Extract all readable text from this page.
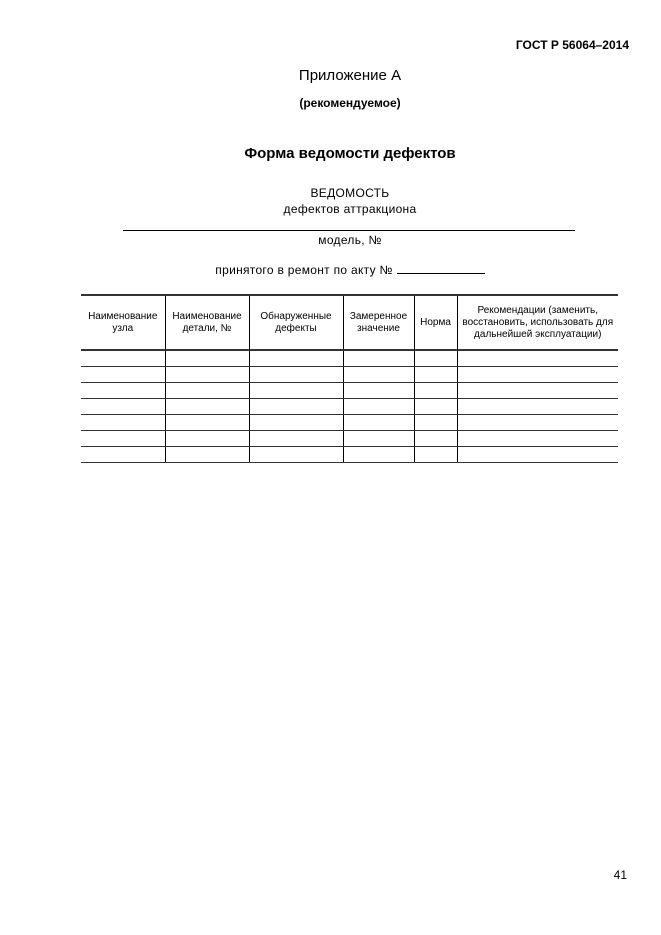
ГОСТ Р 56064–2014
Приложение А
(рекомендуемое)
Форма ведомости дефектов
ВЕДОМОСТЬ
дефектов аттракциона
модель, №
принятого в ремонт по акту №
Наименование узла	Наименование детали, №	Обнаруженные дефекты	Замеренное значение	Норма	Рекомендации (заменить, восстановить, использовать для дальнейшей эксплуатации)

41
